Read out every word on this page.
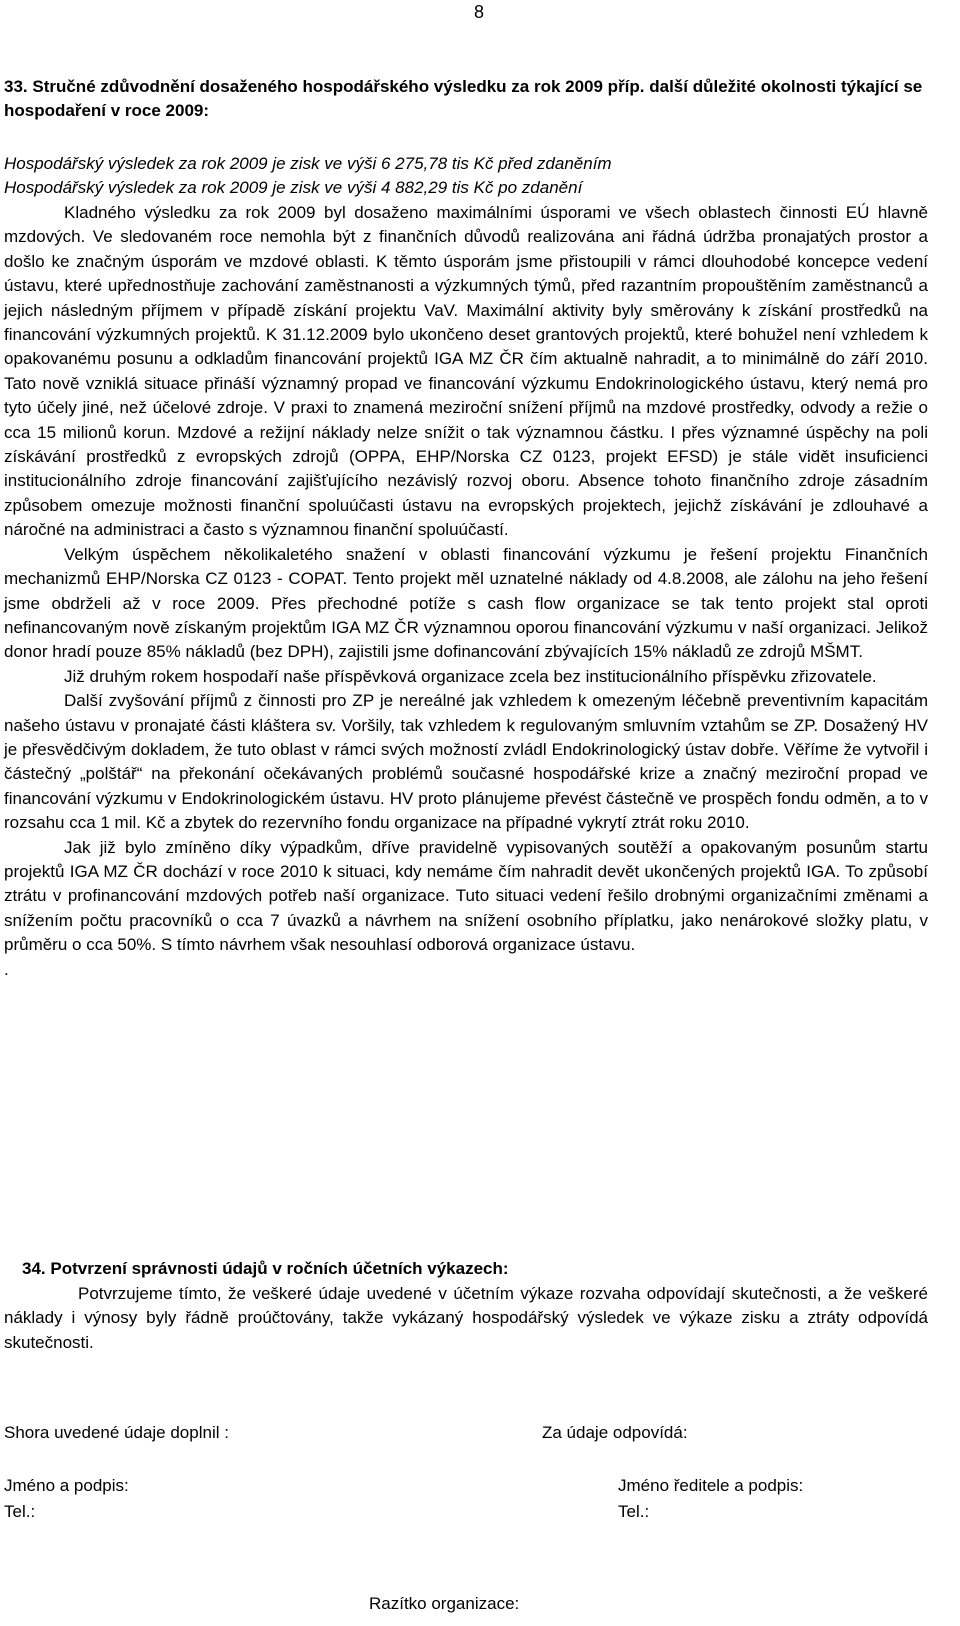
8
33. Stručné zdůvodnění dosaženého hospodářského výsledku za rok 2009 příp. další důležité okolnosti týkající se hospodaření v roce 2009:
Hospodářský výsledek za rok 2009 je zisk ve výši 6 275,78 tis Kč před zdaněním
Hospodářský výsledek za rok 2009 je zisk ve výši 4 882,29 tis Kč po zdanění

Kladného výsledku za rok 2009 byl dosaženo maximálními úsporami ve všech oblastech činnosti EÚ hlavně mzdových. Ve sledovaném roce nemohla být z finančních důvodů realizována ani řádná údržba pronajatých prostor a došlo ke značným úsporám ve mzdové oblasti. K těmto úsporám jsme přistoupili v rámci dlouhodobé koncepce vedení ústavu, které upřednostňuje zachování zaměstnanosti a výzkumných týmů, před razantním propouštěním zaměstnanců a jejich následným příjmem v případě získání projektu VaV. Maximální aktivity byly směrovány k získání prostředků na financování výzkumných projektů. K 31.12.2009 bylo ukončeno deset grantových projektů, které bohužel není vzhledem k opakovanému posunu a odkladům financování projektů IGA MZ ČR čím aktualně nahradit, a to minimálně do září 2010. Tato nově vzniklá situace přináší významný propad ve financování výzkumu Endokrinologického ústavu, který nemá pro tyto účely jiné, než účelové zdroje. V praxi to znamená meziroční snížení příjmů na mzdové prostředky, odvody a režie o cca 15 milionů korun. Mzdové a režijní náklady nelze snížit o tak významnou částku. I přes významné úspěchy na poli získávání prostředků z evropských zdrojů (OPPA, EHP/Norska CZ 0123, projekt EFSD) je stále vidět insuficienci institucionálního zdroje financování zajišťujícího nezávislý rozvoj oboru. Absence tohoto finančního zdroje zásadním způsobem omezuje možnosti finanční spoluúčasti ústavu na evropských projektech, jejichž získávání je zdlouhavé a náročné na administraci a často s významnou finanční spoluúčastí.

Velkým úspěchem několikaletého snažení v oblasti financování výzkumu je řešení projektu Finančních mechanizmů EHP/Norska CZ 0123 - COPAT. Tento projekt měl uznatelné náklady od 4.8.2008, ale zálohu na jeho řešení jsme obdrželi až v roce 2009. Přes přechodné potíže s cash flow organizace se tak tento projekt stal oproti nefinancovaným nově získaným projektům IGA MZ ČR významnou oporou financování výzkumu v naší organizaci. Jelikož donor hradí pouze 85% nákladů (bez DPH), zajistili jsme dofinancování zbývajících 15% nákladů ze zdrojů MŠMT.

Již druhým rokem hospodaří naše příspěvková organizace zcela bez institucionálního příspěvku zřizovatele.

Další zvyšování příjmů z činnosti pro ZP je nereálné jak vzhledem k omezeným léčebně preventivním kapacitám našeho ústavu v pronajaté části kláštera sv. Voršily, tak vzhledem k regulovaným smluvním vztahům se ZP. Dosažený HV je přesvědčivým dokladem, že tuto oblast v rámci svých možností zvládl Endokrinologický ústav dobře. Věříme že vytvořil i částečný „polštář“ na překonání očekávaných problémů současné hospodářské krize a značný meziroční propad ve financování výzkumu v Endokrinologickém ústavu. HV proto plánujeme převést částečně ve prospěch fondu odměn, a to v rozsahu cca 1 mil. Kč a zbytek do rezervního fondu organizace na případné vykrytí ztrát roku 2010.

Jak již bylo zmíněno díky výpadkům, dříve pravidelně vypisovaných soutěží a opakovaným posunům startu projektů IGA MZ ČR dochází v roce 2010 k situaci, kdy nemáme čím nahradit devět ukončených projektů IGA. To způsobí ztrátu v profinancování mzdových potřeb naší organizace. Tuto situaci vedení řešilo drobnými organizačními změnami a snížením počtu pracovníků o cca 7 úvazků a návrhem na snížení osobního příplatku, jako nenárokové složky platu, v průměru o cca 50%. S tímto návrhem však nesouhlasí odborová organizace ústavu.

.

34. Potvrzení správnosti údajů v ročních účetních výkazech:

Potvrzujeme tímto, že veškeré údaje uvedené v účetním výkaze rozvaha odpovídají skutečnosti, a že veškeré náklady i výnosy byly řádně proúčtovány, takže vykázaný hospodářský výsledek ve výkaze zisku a ztráty odpovídá skutečnosti.

Shora uvedené údaje doplnil :	Za údaje odpovídá:
Jméno a podpis:	Jméno ředitele a podpis:
Tel.:	Tel.:
Razítko organizace:
